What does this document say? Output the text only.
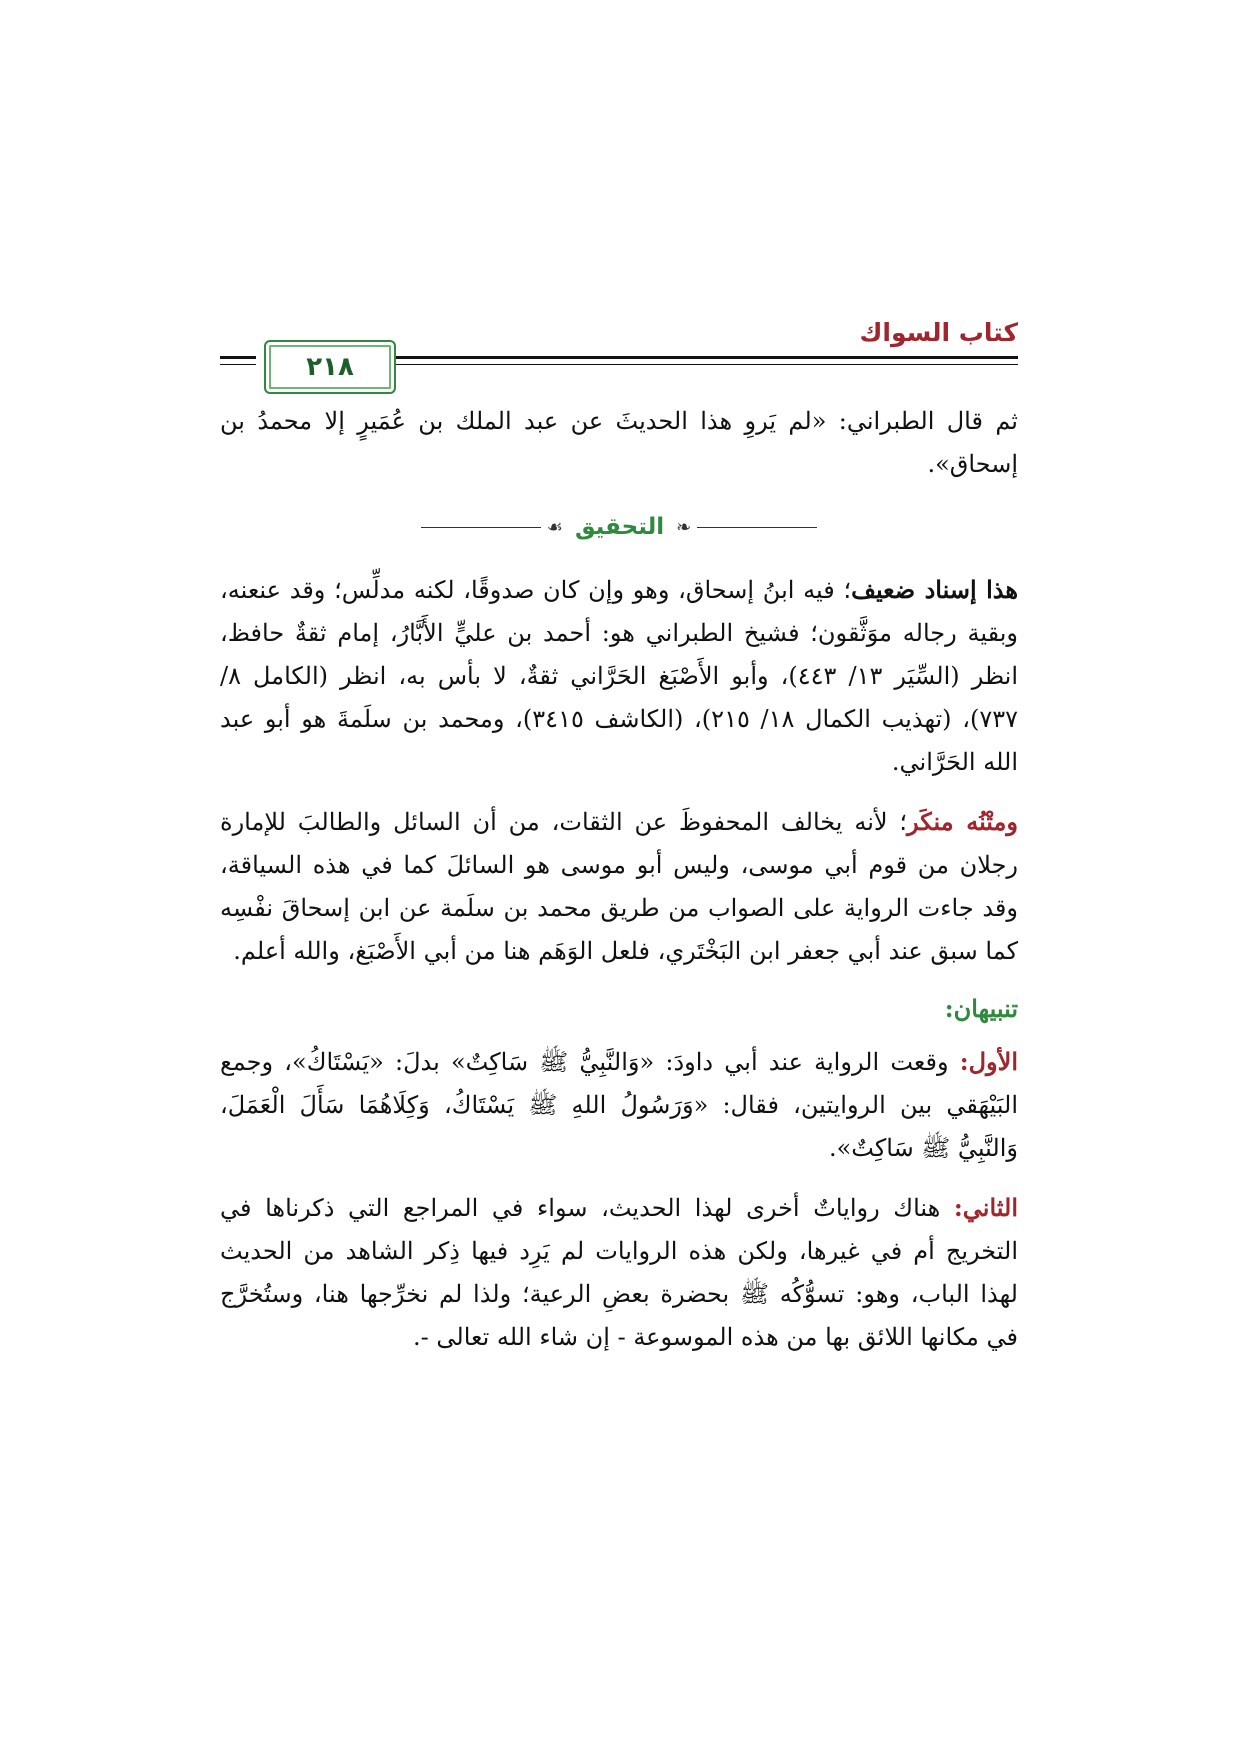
كتاب السواك
٢١٨

ثم قال الطبراني: «لم يَروِ هذا الحديثَ عن عبد الملك بن عُمَيرٍ إلا محمدُ بن إسحاق».

❧
التحقيق
☙

هذا إسناد ضعيف؛ فيه ابنُ إسحاق، وهو وإن كان صدوقًا، لكنه مدلِّس؛ وقد عنعنه، وبقية رجاله موَثَّقون؛ فشيخ الطبراني هو: أحمد بن عليٍّ الأَبَّارُ، إمام ثقةٌ حافظ، انظر (السِّيَر ١٣/ ٤٤٣)، وأبو الأَصْبَغ الحَرَّاني ثقةٌ، لا بأس به، انظر (الكامل ٨/ ٧٣٧)، (تهذيب الكمال ١٨/ ٢١٥)، (الكاشف ٣٤١٥)، ومحمد بن سلَمةَ هو أبو عبد الله الحَرَّاني.

ومتْنُه منكَر؛ لأنه يخالف المحفوظَ عن الثقات، من أن السائل والطالبَ للإمارة رجلان من قوم أبي موسى، وليس أبو موسى هو السائلَ كما في هذه السياقة، وقد جاءت الرواية على الصواب من طريق محمد بن سلَمة عن ابن إسحاقَ نفْسِه كما سبق عند أبي جعفر ابن البَخْتَري، فلعل الوَهَم هنا من أبي الأَصْبَغ، والله أعلم.

تنبيهان:

الأول: وقعت الرواية عند أبي داودَ: «وَالنَّبِيُّ ﷺ سَاكِتٌ» بدلَ: «يَسْتَاكُ»، وجمع البَيْهَقي بين الروايتين، فقال: «وَرَسُولُ اللهِ ﷺ يَسْتَاكُ، وَكِلَاهُمَا سَأَلَ الْعَمَلَ، وَالنَّبِيُّ ﷺ سَاكِتٌ».

الثاني: هناك رواياتٌ أخرى لهذا الحديث، سواء في المراجع التي ذكرناها في التخريج أم في غيرها، ولكن هذه الروايات لم يَرِد فيها ذِكر الشاهد من الحديث لهذا الباب، وهو: تسوُّكُه ﷺ بحضرة بعضِ الرعية؛ ولذا لم نخرِّجها هنا، وستُخرَّج في مكانها اللائق بها من هذه الموسوعة - إن شاء الله تعالى -.
